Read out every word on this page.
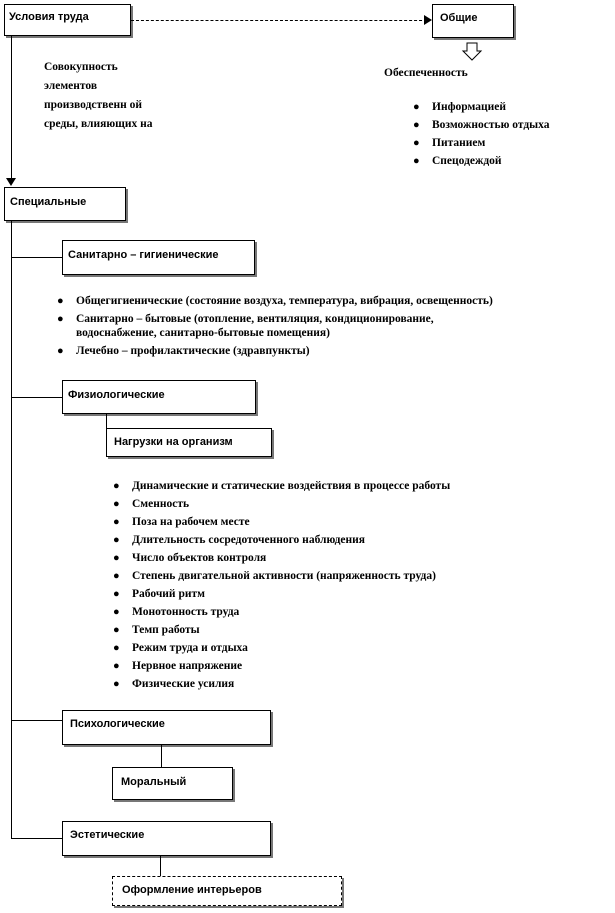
Условия труда	Общие
Обеспеченность
● Информацией
● Возможностью отдыха
● Питанием
● Спецодеждой
Совокупность элементов производственн ой среды, влияющих на
Специальные
Санитарно – гигиенические
● Общегигиенические (состояние воздуха, температура, вибрация, освещенность)
● Санитарно – бытовые (отопление, вентиляция, кондиционирование, водоснабжение, санитарно-бытовые помещения)
● Лечебно – профилактические (здравпункты)
Физиологические
Нагрузки на организм
● Динамические и статические воздействия в процессе работы
● Сменность
● Поза на рабочем месте
● Длительность сосредоточенного наблюдения
● Число объектов контроля
● Степень двигательной активности (напряженность труда)
● Рабочий ритм
● Монотонность труда
● Темп работы
● Режим труда и отдыха
● Нервное напряжение
● Физические усилия
Психологические
Моральный
Эстетические
Оформление интерьеров
